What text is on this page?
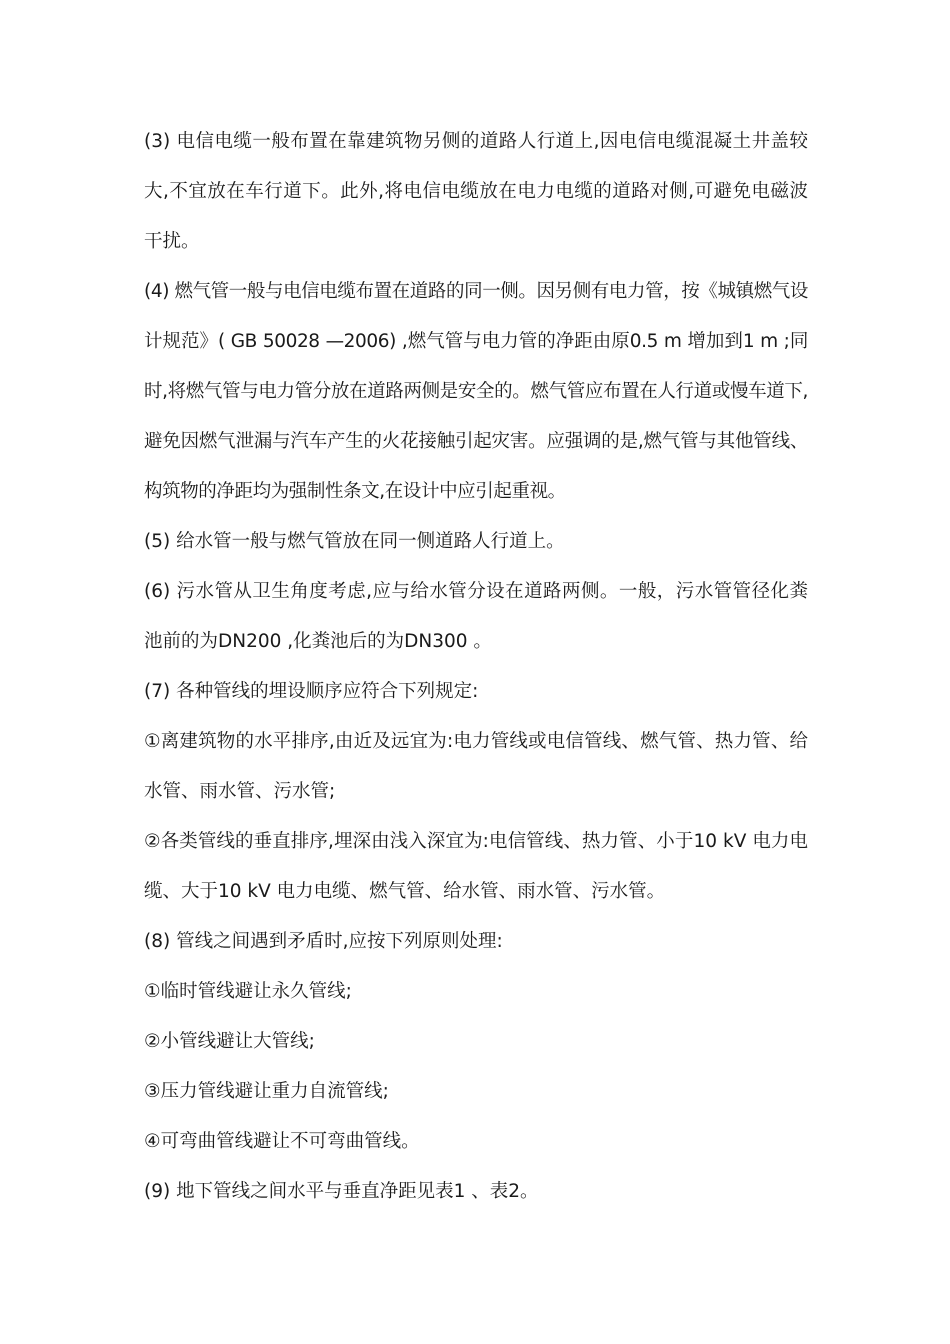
(3) 电信电缆一般布置在靠建筑物另侧的道路人行道上,因电信电缆混凝土井盖较大,不宜放在车行道下。此外,将电信电缆放在电力电缆的道路对侧,可避免电磁波干扰。

(4) 燃气管一般与电信电缆布置在道路的同一侧。因另侧有电力管，按《城镇燃气设计规范》( GB 50028 —2006) ,燃气管与电力管的净距由原0.5 m 增加到1 m ;同时,将燃气管与电力管分放在道路两侧是安全的。燃气管应布置在人行道或慢车道下,避免因燃气泄漏与汽车产生的火花接触引起灾害。应强调的是,燃气管与其他管线、构筑物的净距均为强制性条文,在设计中应引起重视。

(5) 给水管一般与燃气管放在同一侧道路人行道上。

(6) 污水管从卫生角度考虑,应与给水管分设在道路两侧。一般，污水管管径化粪池前的为DN200 ,化粪池后的为DN300 。

(7) 各种管线的埋设顺序应符合下列规定:

①离建筑物的水平排序,由近及远宜为:电力管线或电信管线、燃气管、热力管、给水管、雨水管、污水管;

②各类管线的垂直排序,埋深由浅入深宜为:电信管线、热力管、小于10 kV 电力电缆、大于10 kV 电力电缆、燃气管、给水管、雨水管、污水管。

(8) 管线之间遇到矛盾时,应按下列原则处理:

①临时管线避让永久管线;

②小管线避让大管线;

③压力管线避让重力自流管线;

④可弯曲管线避让不可弯曲管线。

(9) 地下管线之间水平与垂直净距见表1 、表2。
